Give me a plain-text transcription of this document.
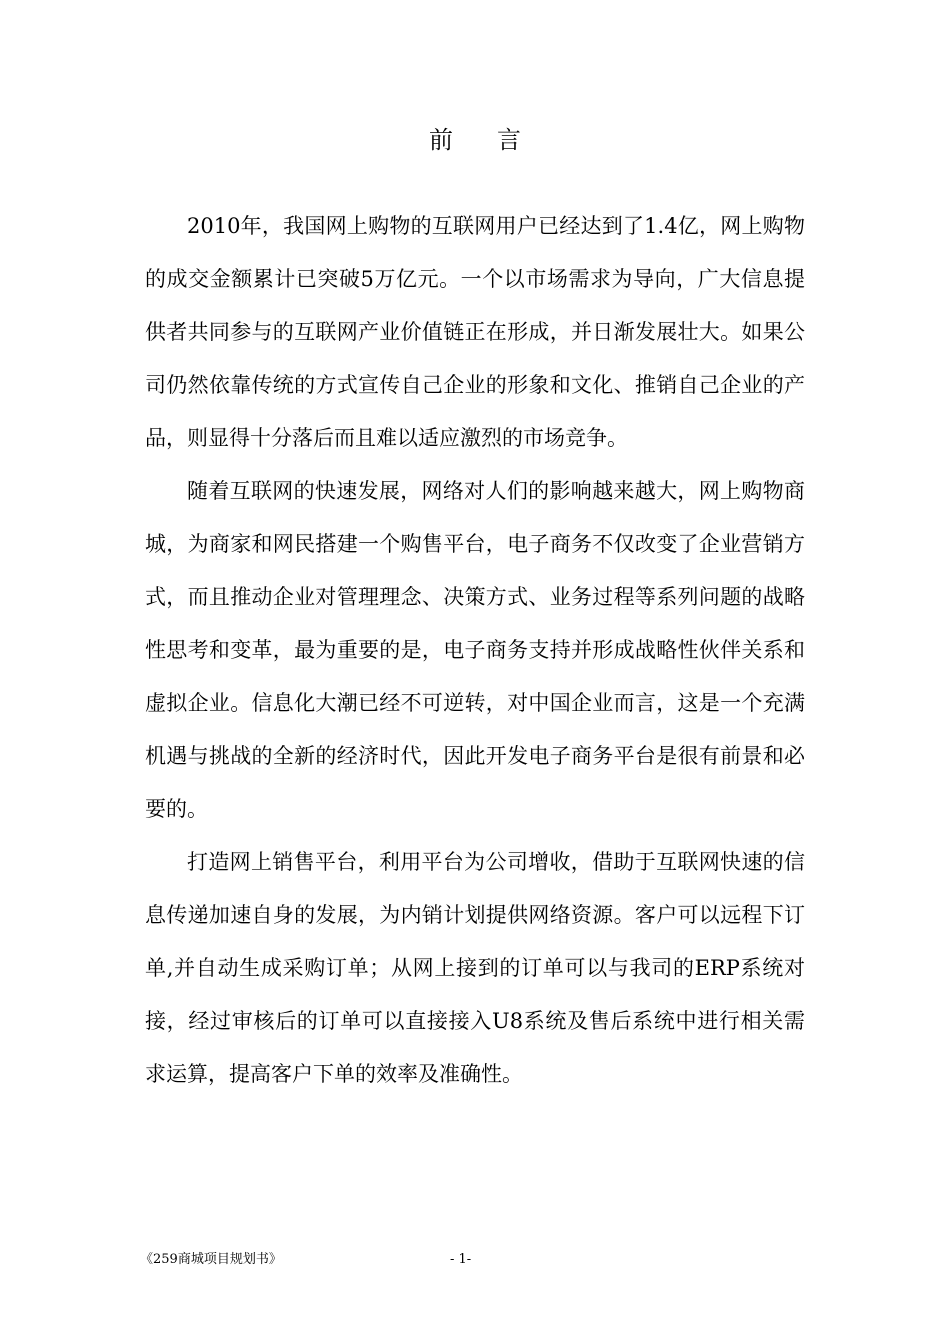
前 言

2010年，我国网上购物的互联网用户已经达到了1.4亿，网上购物的成交金额累计已突破5万亿元。一个以市场需求为导向，广大信息提供者共同参与的互联网产业价值链正在形成，并日渐发展壮大。如果公司仍然依靠传统的方式宣传自己企业的形象和文化、推销自己企业的产品，则显得十分落后而且难以适应激烈的市场竞争。

随着互联网的快速发展，网络对人们的影响越来越大，网上购物商城，为商家和网民搭建一个购售平台，电子商务不仅改变了企业营销方式，而且推动企业对管理理念、决策方式、业务过程等系列问题的战略性思考和变革，最为重要的是，电子商务支持并形成战略性伙伴关系和虚拟企业。信息化大潮已经不可逆转，对中国企业而言，这是一个充满机遇与挑战的全新的经济时代，因此开发电子商务平台是很有前景和必要的。

打造网上销售平台，利用平台为公司增收，借助于互联网快速的信息传递加速自身的发展，为内销计划提供网络资源。客户可以远程下订单,并自动生成采购订单；从网上接到的订单可以与我司的ERP系统对接，经过审核后的订单可以直接接入U8系统及售后系统中进行相关需求运算，提高客户下单的效率及准确性。

《259商城项目规划书》	- 1-
